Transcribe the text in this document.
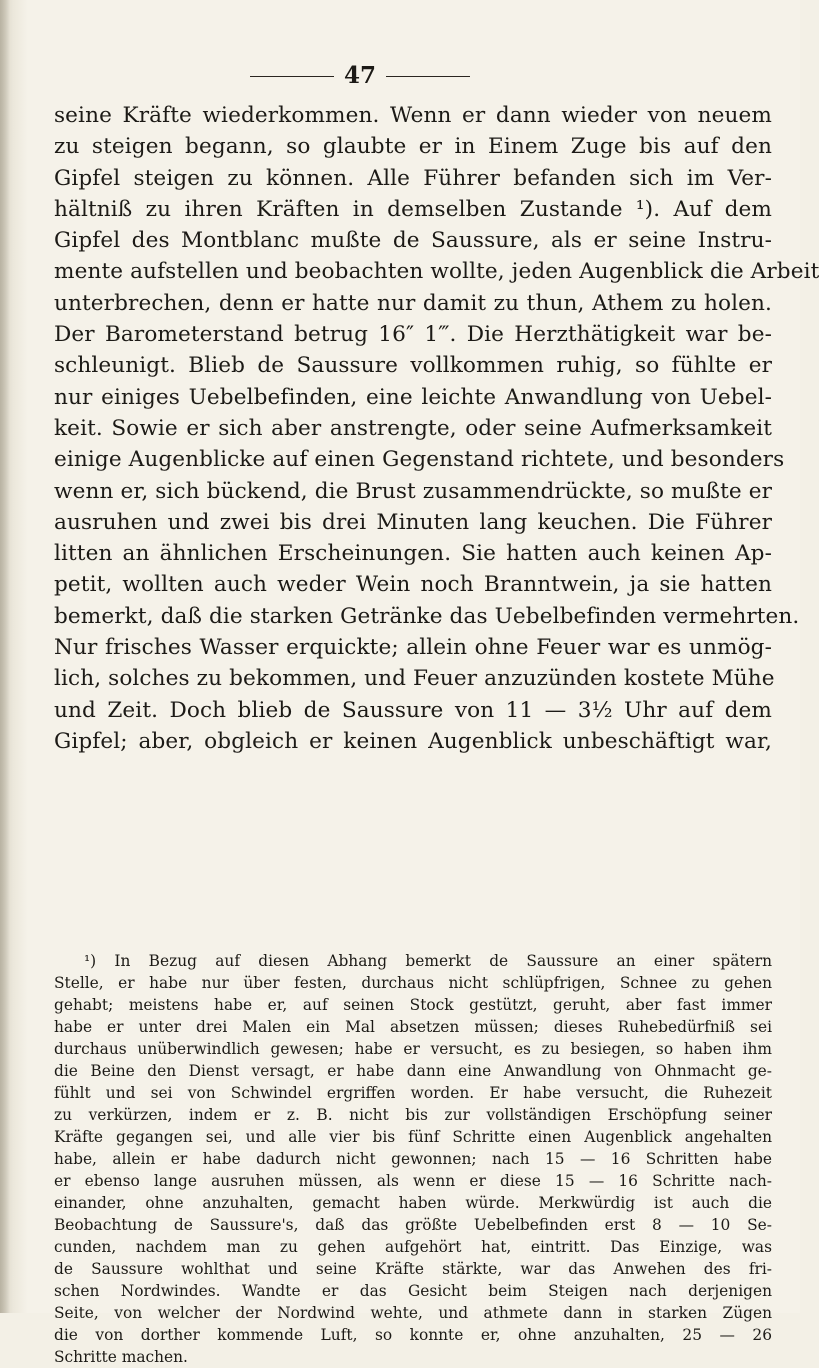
47
seine Kräfte wiederkommen. Wenn er dann wieder von neuem
zu steigen begann, so glaubte er in Einem Zuge bis auf den
Gipfel steigen zu können. Alle Führer befanden sich im Ver-
hältniß zu ihren Kräften in demselben Zustande ¹). Auf dem
Gipfel des Montblanc mußte de Saussure, als er seine Instru-
mente aufstellen und beobachten wollte, jeden Augenblick die Arbeit
unterbrechen, denn er hatte nur damit zu thun, Athem zu holen.
Der Barometerstand betrug 16″ 1‴. Die Herzthätigkeit war be-
schleunigt. Blieb de Saussure vollkommen ruhig, so fühlte er
nur einiges Uebelbefinden, eine leichte Anwandlung von Uebel-
keit. Sowie er sich aber anstrengte, oder seine Aufmerksamkeit
einige Augenblicke auf einen Gegenstand richtete, und besonders
wenn er, sich bückend, die Brust zusammendrückte, so mußte er
ausruhen und zwei bis drei Minuten lang keuchen. Die Führer
litten an ähnlichen Erscheinungen. Sie hatten auch keinen Ap-
petit, wollten auch weder Wein noch Branntwein, ja sie hatten
bemerkt, daß die starken Getränke das Uebelbefinden vermehrten.
Nur frisches Wasser erquickte; allein ohne Feuer war es unmög-
lich, solches zu bekommen, und Feuer anzuzünden kostete Mühe
und Zeit. Doch blieb de Saussure von 11 — 3½ Uhr auf dem
Gipfel; aber, obgleich er keinen Augenblick unbeschäftigt war,
¹) In Bezug auf diesen Abhang bemerkt de Saussure an einer spätern
Stelle, er habe nur über festen, durchaus nicht schlüpfrigen, Schnee zu gehen
gehabt; meistens habe er, auf seinen Stock gestützt, geruht, aber fast immer
habe er unter drei Malen ein Mal absetzen müssen; dieses Ruhebedürfniß sei
durchaus unüberwindlich gewesen; habe er versucht, es zu besiegen, so haben ihm
die Beine den Dienst versagt, er habe dann eine Anwandlung von Ohnmacht ge-
fühlt und sei von Schwindel ergriffen worden. Er habe versucht, die Ruhezeit
zu verkürzen, indem er z. B. nicht bis zur vollständigen Erschöpfung seiner
Kräfte gegangen sei, und alle vier bis fünf Schritte einen Augenblick angehalten
habe, allein er habe dadurch nicht gewonnen; nach 15 — 16 Schritten habe
er ebenso lange ausruhen müssen, als wenn er diese 15 — 16 Schritte nach-
einander, ohne anzuhalten, gemacht haben würde. Merkwürdig ist auch die
Beobachtung de Saussure's, daß das größte Uebelbefinden erst 8 — 10 Se-
cunden, nachdem man zu gehen aufgehört hat, eintritt. Das Einzige, was
de Saussure wohlthat und seine Kräfte stärkte, war das Anwehen des fri-
schen Nordwindes. Wandte er das Gesicht beim Steigen nach derjenigen
Seite, von welcher der Nordwind wehte, und athmete dann in starken Zügen
die von dorther kommende Luft, so konnte er, ohne anzuhalten, 25 — 26
Schritte machen.
